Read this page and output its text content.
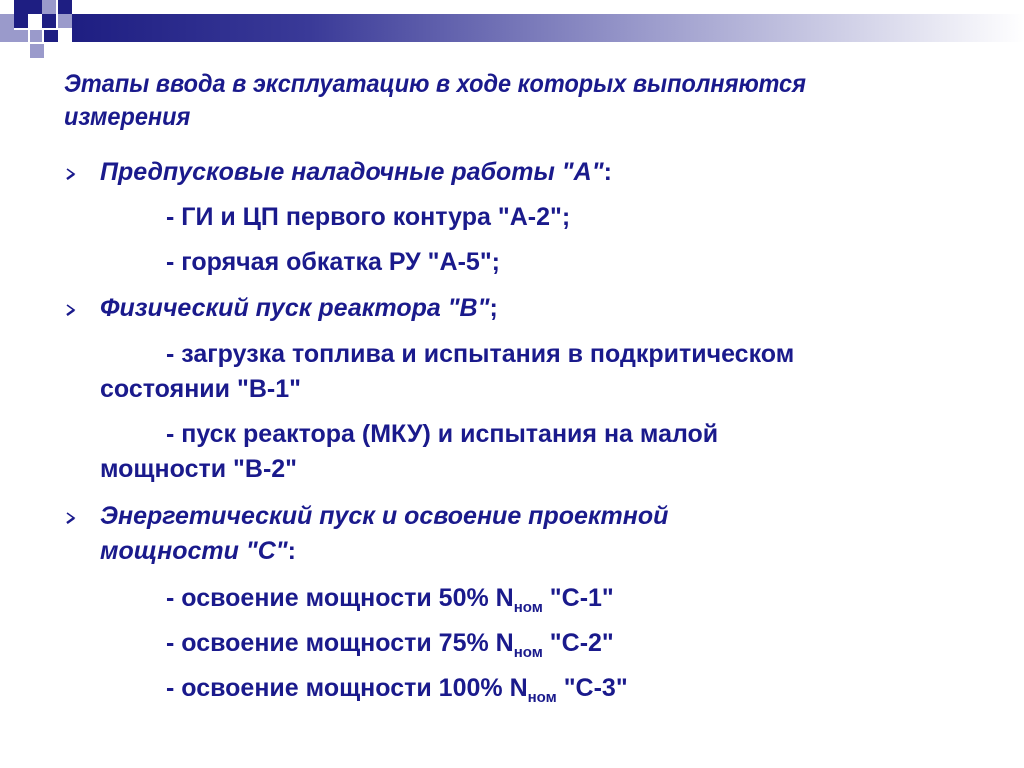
Этапы ввода в эксплуатацию в ходе которых выполняются измерения
Предпусковые наладочные работы "А":
- ГИ и ЦП первого контура "А-2";
- горячая обкатка РУ "А-5";
Физический пуск реактора "В";
- загрузка топлива и испытания в подкритическом
состоянии "В-1"
- пуск реактора (МКУ) и испытания на малой
мощности "В-2"
Энергетический пуск и освоение проектной
мощности "С":
- освоение мощности 50% $N_{ном}$ "С-1"
- освоение мощности 75% $N_{ном}$ "С-2"
- освоение мощности 100% $N_{ном}$ "С-3"
